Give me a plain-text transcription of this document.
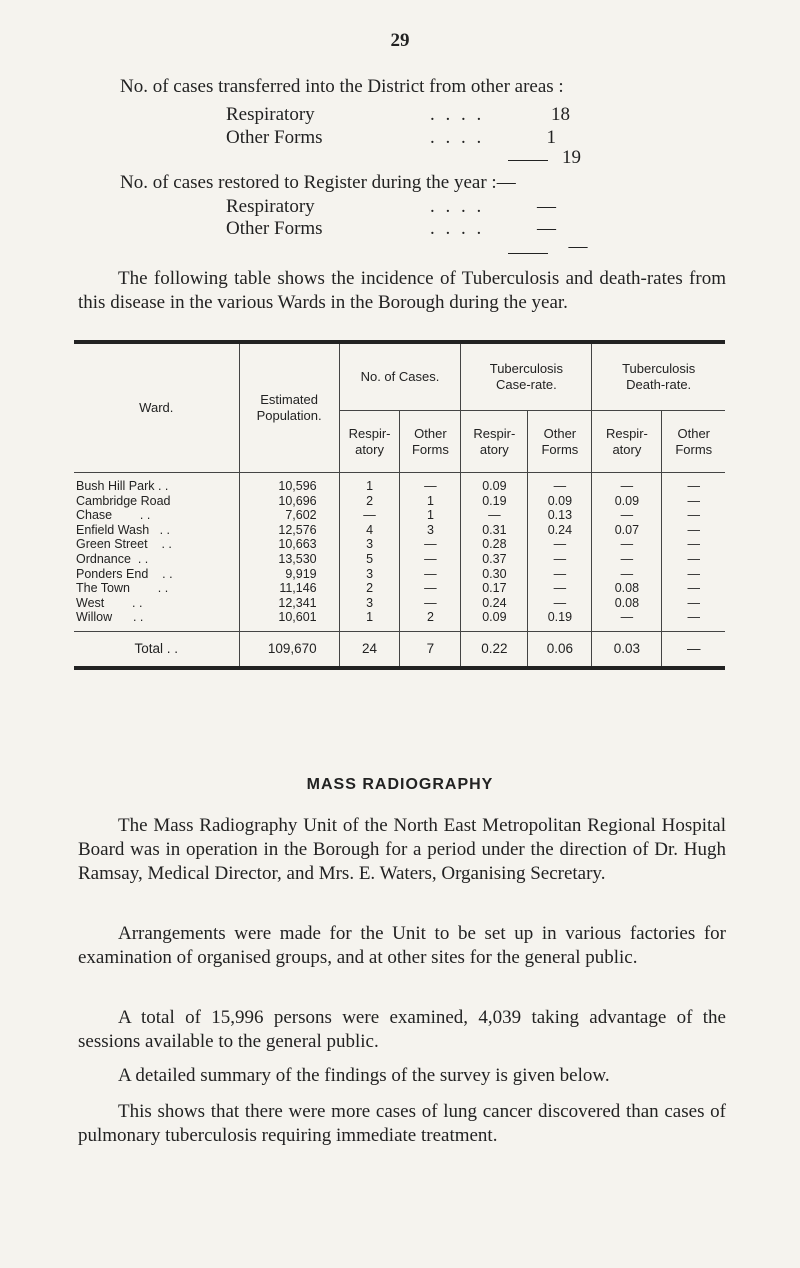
29
No. of cases transferred into the District from other areas :
Respiratory	. . . .	18
Other Forms	. . . .	1
19
No. of cases restored to Register during the year :—
Respiratory	. . . .	—
Other Forms	. . . .	—
—
The following table shows the incidence of Tuberculosis and death-rates from this disease in the various Wards in the Borough during the year.
Ward.	Estimated Population.	No. of Cases.		Tuberculosis Case-rate.		Tuberculosis Death-rate.	
		Respir- atory	Other Forms	Respir- atory	Other Forms	Respir- atory	Other Forms
Bush Hill Park . .	10,596	1	—	0.09	—	—	—
Cambridge Road	10,696	2	1	0.19	0.09	0.09	—
Chase        . .	7,602	—	1	—	0.13	—	—
Enfield Wash   . .	12,576	4	3	0.31	0.24	0.07	—
Green Street    . .	10,663	3	—	0.28	—	—	—
Ordnance  . .	13,530	5	—	0.37	—	—	—
Ponders End    . .	9,919	3	—	0.30	—	—	—
The Town        . .	11,146	2	—	0.17	—	0.08	—
West        . .	12,341	3	—	0.24	—	0.08	—
Willow      . .	10,601	1	2	0.09	0.19	—	—
Total . .	109,670	24	7	0.22	0.06	0.03	—
MASS RADIOGRAPHY
The Mass Radiography Unit of the North East Metropolitan Regional Hospital Board was in operation in the Borough for a period under the direction of Dr. Hugh Ramsay, Medical Director, and Mrs. E. Waters, Organising Secretary.
Arrangements were made for the Unit to be set up in various factories for examination of organised groups, and at other sites for the general public.
A total of 15,996 persons were examined, 4,039 taking advantage of the sessions available to the general public.
A detailed summary of the findings of the survey is given below.
This shows that there were more cases of lung cancer discovered than cases of pulmonary tuberculosis requiring immediate treatment.
